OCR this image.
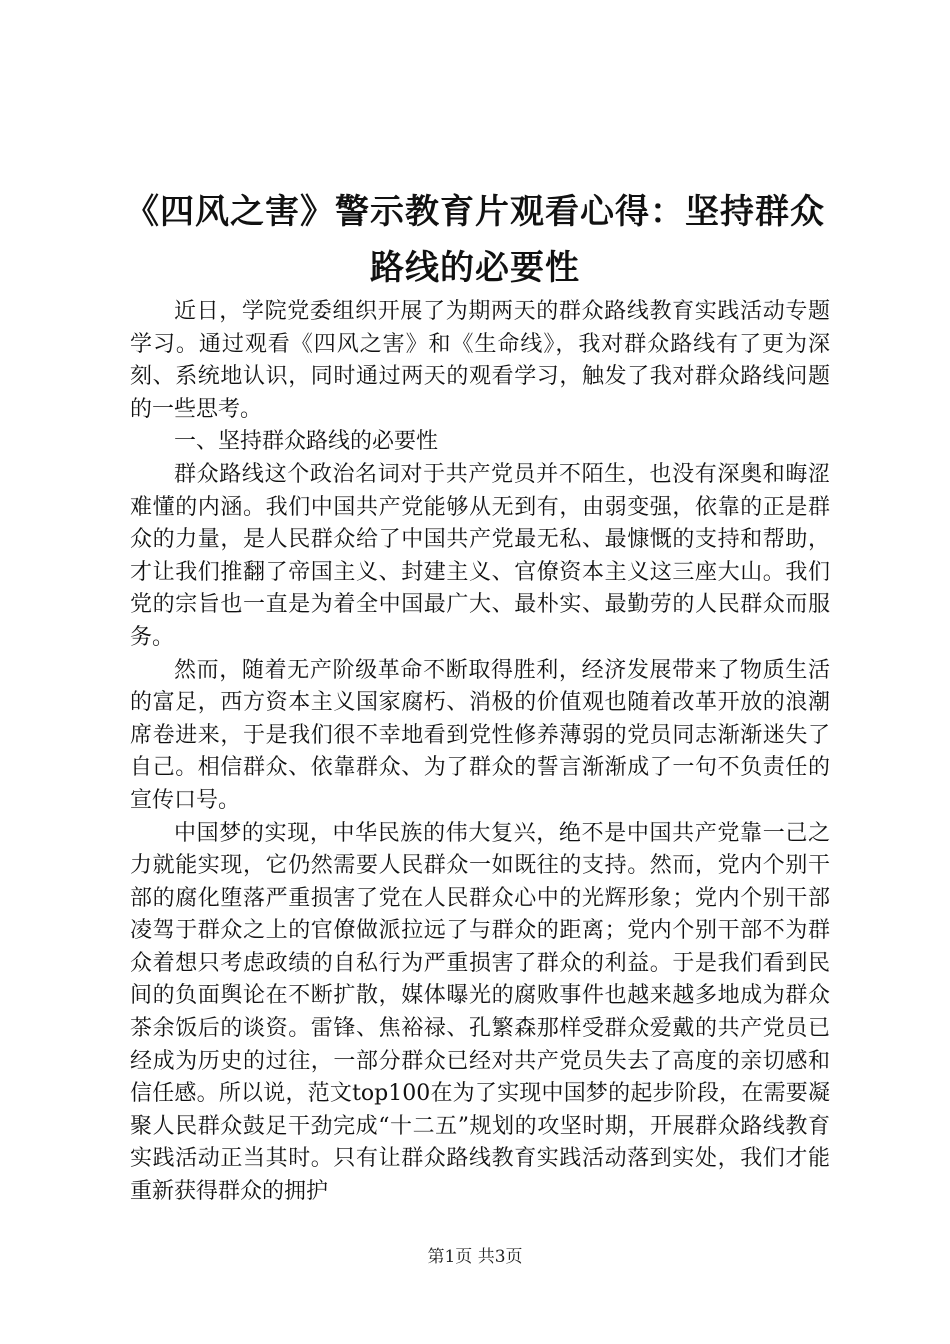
《四风之害》警示教育片观看心得：坚持群众
路线的必要性

近日，学院党委组织开展了为期两天的群众路线教育实践活动专题学习。通过观看《四风之害》和《生命线》，我对群众路线有了更为深刻、系统地认识，同时通过两天的观看学习，触发了我对群众路线问题的一些思考。

一、坚持群众路线的必要性

群众路线这个政治名词对于共产党员并不陌生，也没有深奥和晦涩难懂的内涵。我们中国共产党能够从无到有，由弱变强，依靠的正是群众的力量，是人民群众给了中国共产党最无私、最慷慨的支持和帮助，才让我们推翻了帝国主义、封建主义、官僚资本主义这三座大山。我们党的宗旨也一直是为着全中国最广大、最朴实、最勤劳的人民群众而服务。

然而，随着无产阶级革命不断取得胜利，经济发展带来了物质生活的富足，西方资本主义国家腐朽、消极的价值观也随着改革开放的浪潮席卷进来，于是我们很不幸地看到党性修养薄弱的党员同志渐渐迷失了自己。相信群众、依靠群众、为了群众的誓言渐渐成了一句不负责任的宣传口号。

中国梦的实现，中华民族的伟大复兴，绝不是中国共产党靠一己之力就能实现，它仍然需要人民群众一如既往的支持。然而，党内个别干部的腐化堕落严重损害了党在人民群众心中的光辉形象；党内个别干部凌驾于群众之上的官僚做派拉远了与群众的距离；党内个别干部不为群众着想只考虑政绩的自私行为严重损害了群众的利益。于是我们看到民间的负面舆论在不断扩散，媒体曝光的腐败事件也越来越多地成为群众茶余饭后的谈资。雷锋、焦裕禄、孔繁森那样受群众爱戴的共产党员已经成为历史的过往，一部分群众已经对共产党员失去了高度的亲切感和信任感。所以说，范文top100在为了实现中国梦的起步阶段，在需要凝聚人民群众鼓足干劲完成“十二五”规划的攻坚时期，开展群众路线教育实践活动正当其时。只有让群众路线教育实践活动落到实处，我们才能重新获得群众的拥护

第1页 共3页
